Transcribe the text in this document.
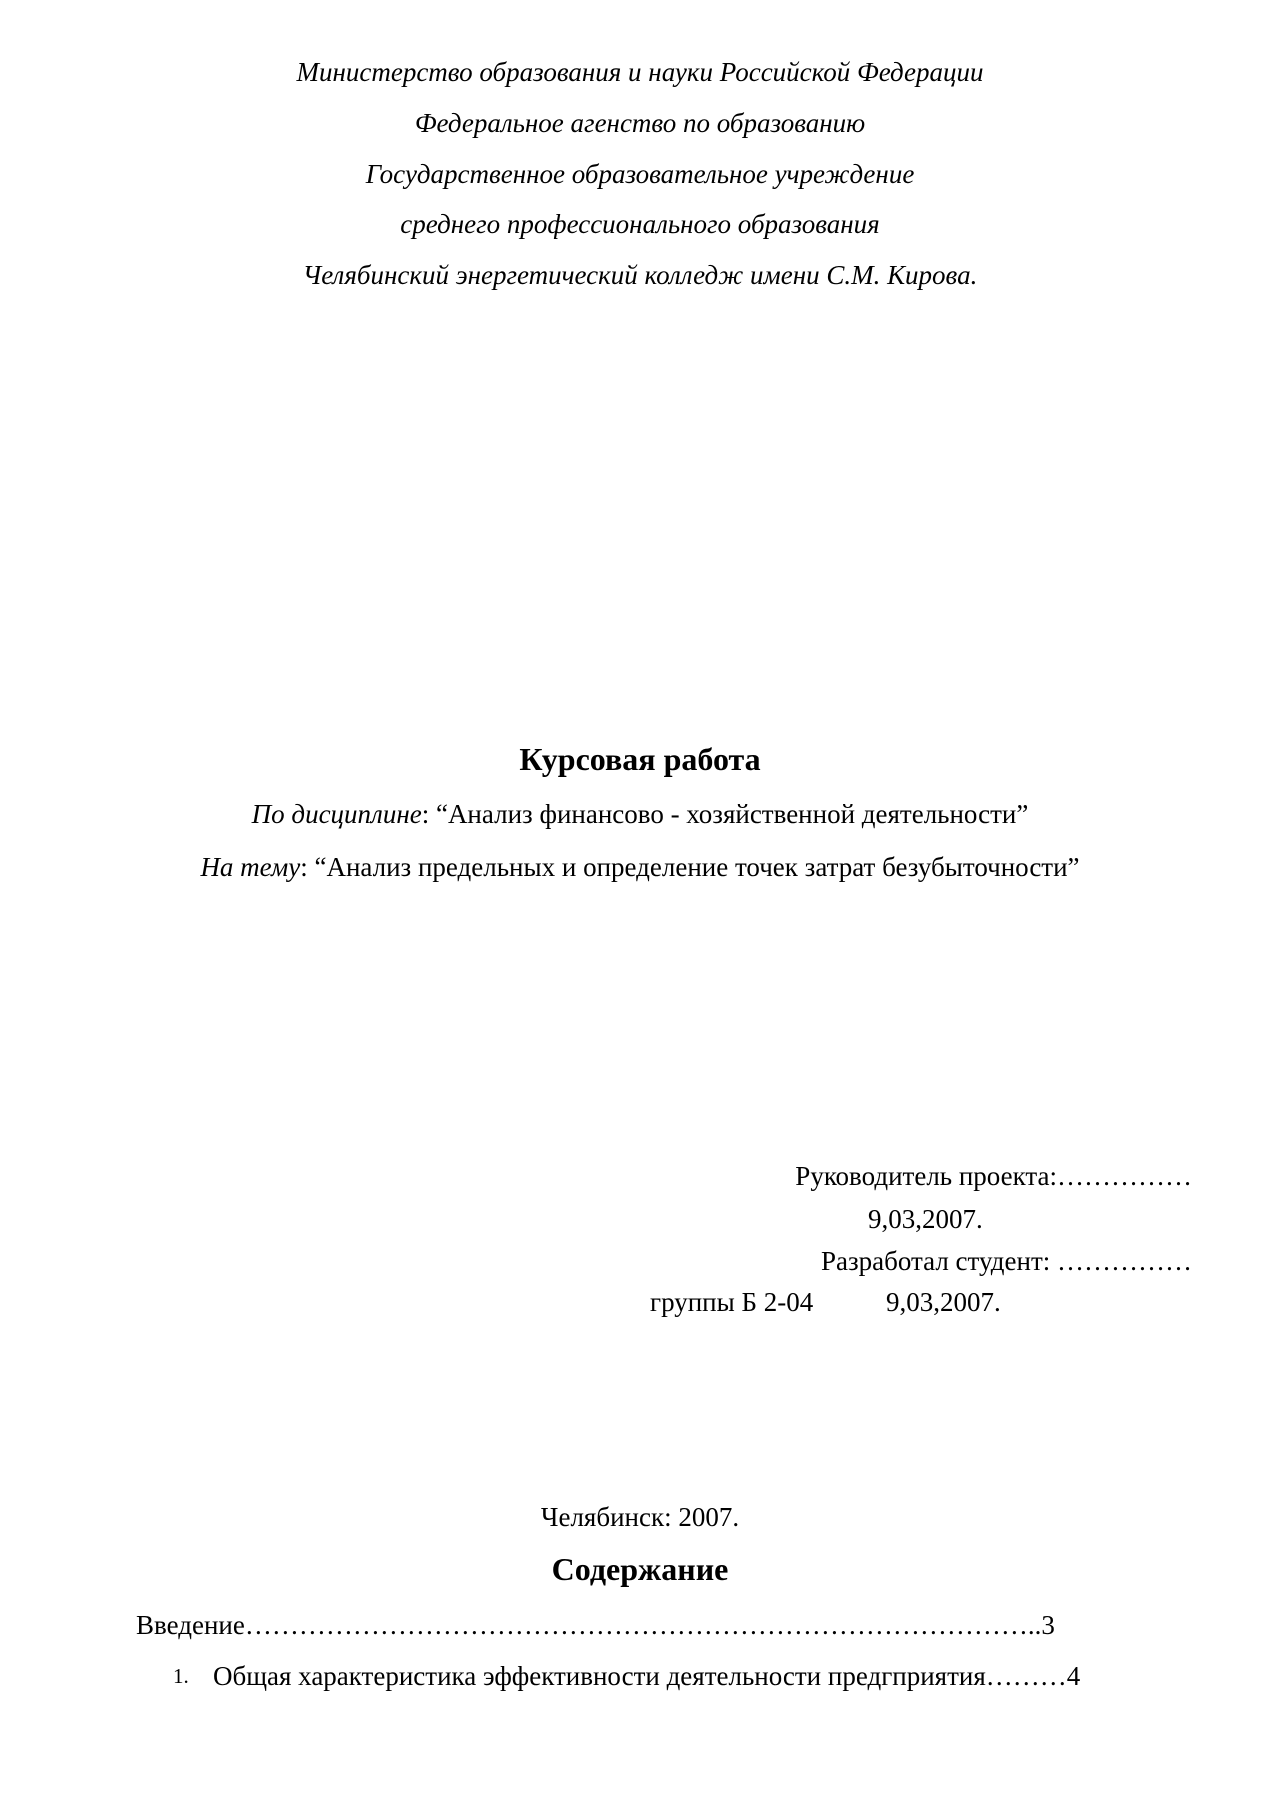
Министерство образования и науки Российской Федерации
Федеральное агенство по образованию
Государственное образовательное учреждение
среднего профессионального образования
Челябинский энергетический колледж имени С.М. Кирова.
Курсовая работа
По дисциплине: “Анализ финансово - хозяйственной деятельности”
На тему: “Анализ предельных и определение точек затрат безубыточности”
Руководитель проекта:……………
9,03,2007.
Разработал студент: ……………
группы Б 2-04	9,03,2007.
Челябинск: 2007.
Содержание
Введение……………………………………………………………………………..3
1. Общая характеристика эффективности деятельности предгприятия………4
